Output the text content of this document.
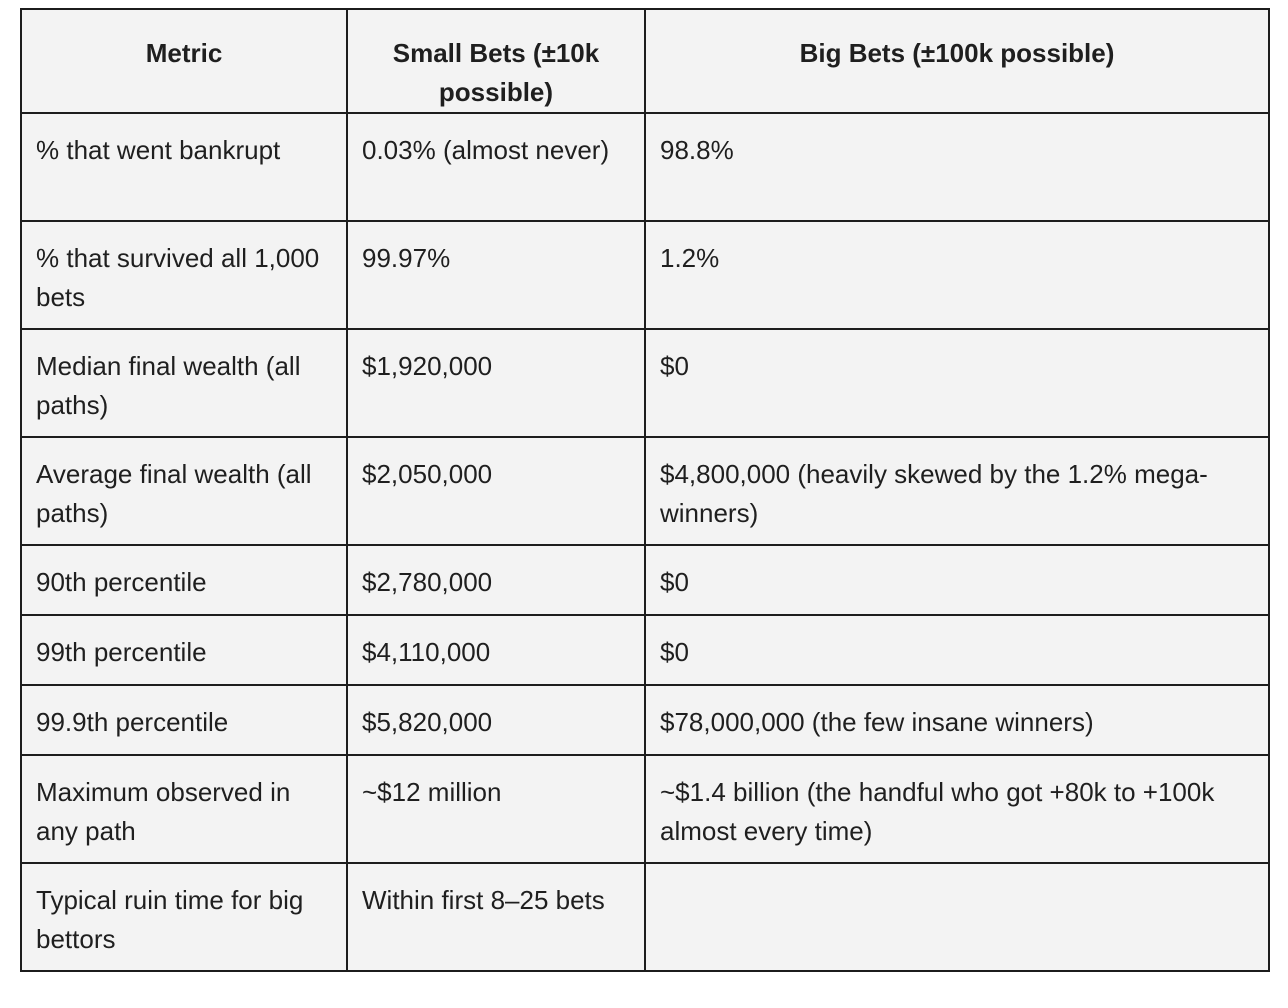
Metric	Small Bets (±10k possible)	Big Bets (±100k possible)
% that went bankrupt	0.03% (almost never)	98.8%
% that survived all 1,000 bets	99.97%	1.2%
Median final wealth (all paths)	$1,920,000	$0
Average final wealth (all paths)	$2,050,000	$4,800,000 (heavily skewed by the 1.2% mega-winners)
90th percentile	$2,780,000	$0
99th percentile	$4,110,000	$0
99.9th percentile	$5,820,000	$78,000,000 (the few insane winners)
Maximum observed in any path	~$12 million	~$1.4 billion (the handful who got +80k to +100k almost every time)
Typical ruin time for big bettors	Within first 8–25 bets	
